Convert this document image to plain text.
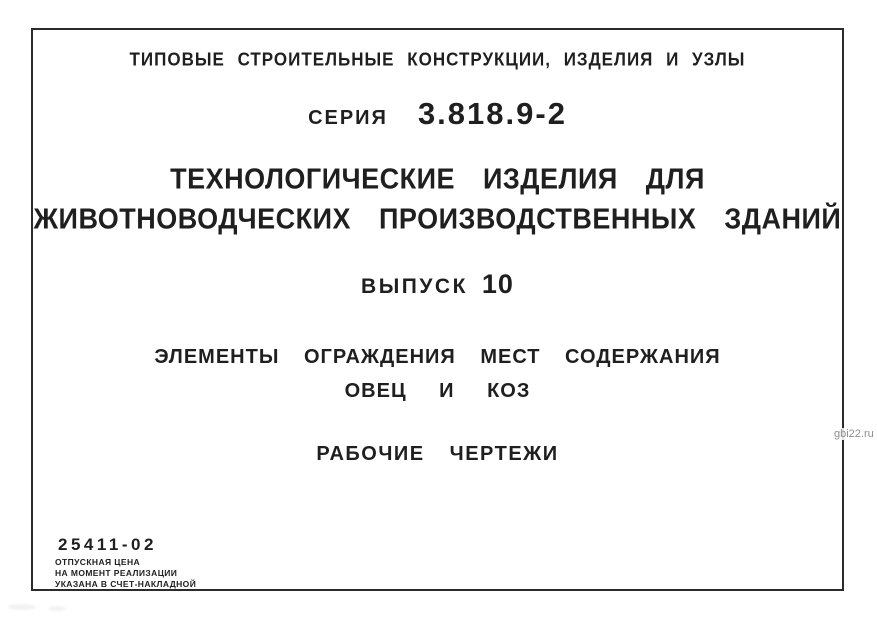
ТИПОВЫЕ СТРОИТЕЛЬНЫЕ КОНСТРУКЦИИ, ИЗДЕЛИЯ И УЗЛЫ
СЕРИЯ 3.818.9-2
ТЕХНОЛОГИЧЕСКИЕ ИЗДЕЛИЯ ДЛЯ
ЖИВОТНОВОДЧЕСКИХ ПРОИЗВОДСТВЕННЫХ ЗДАНИЙ
ВЫПУСК 10
ЭЛЕМЕНТЫ ОГРАЖДЕНИЯ МЕСТ СОДЕРЖАНИЯ
ОВЕЦ И КОЗ
РАБОЧИЕ ЧЕРТЕЖИ
25411-02
ОТПУСКНАЯ ЦЕНА
НА МОМЕНТ РЕАЛИЗАЦИИ
УКАЗАНА В СЧЕТ-НАКЛАДНОЙ
gbi22.ru
